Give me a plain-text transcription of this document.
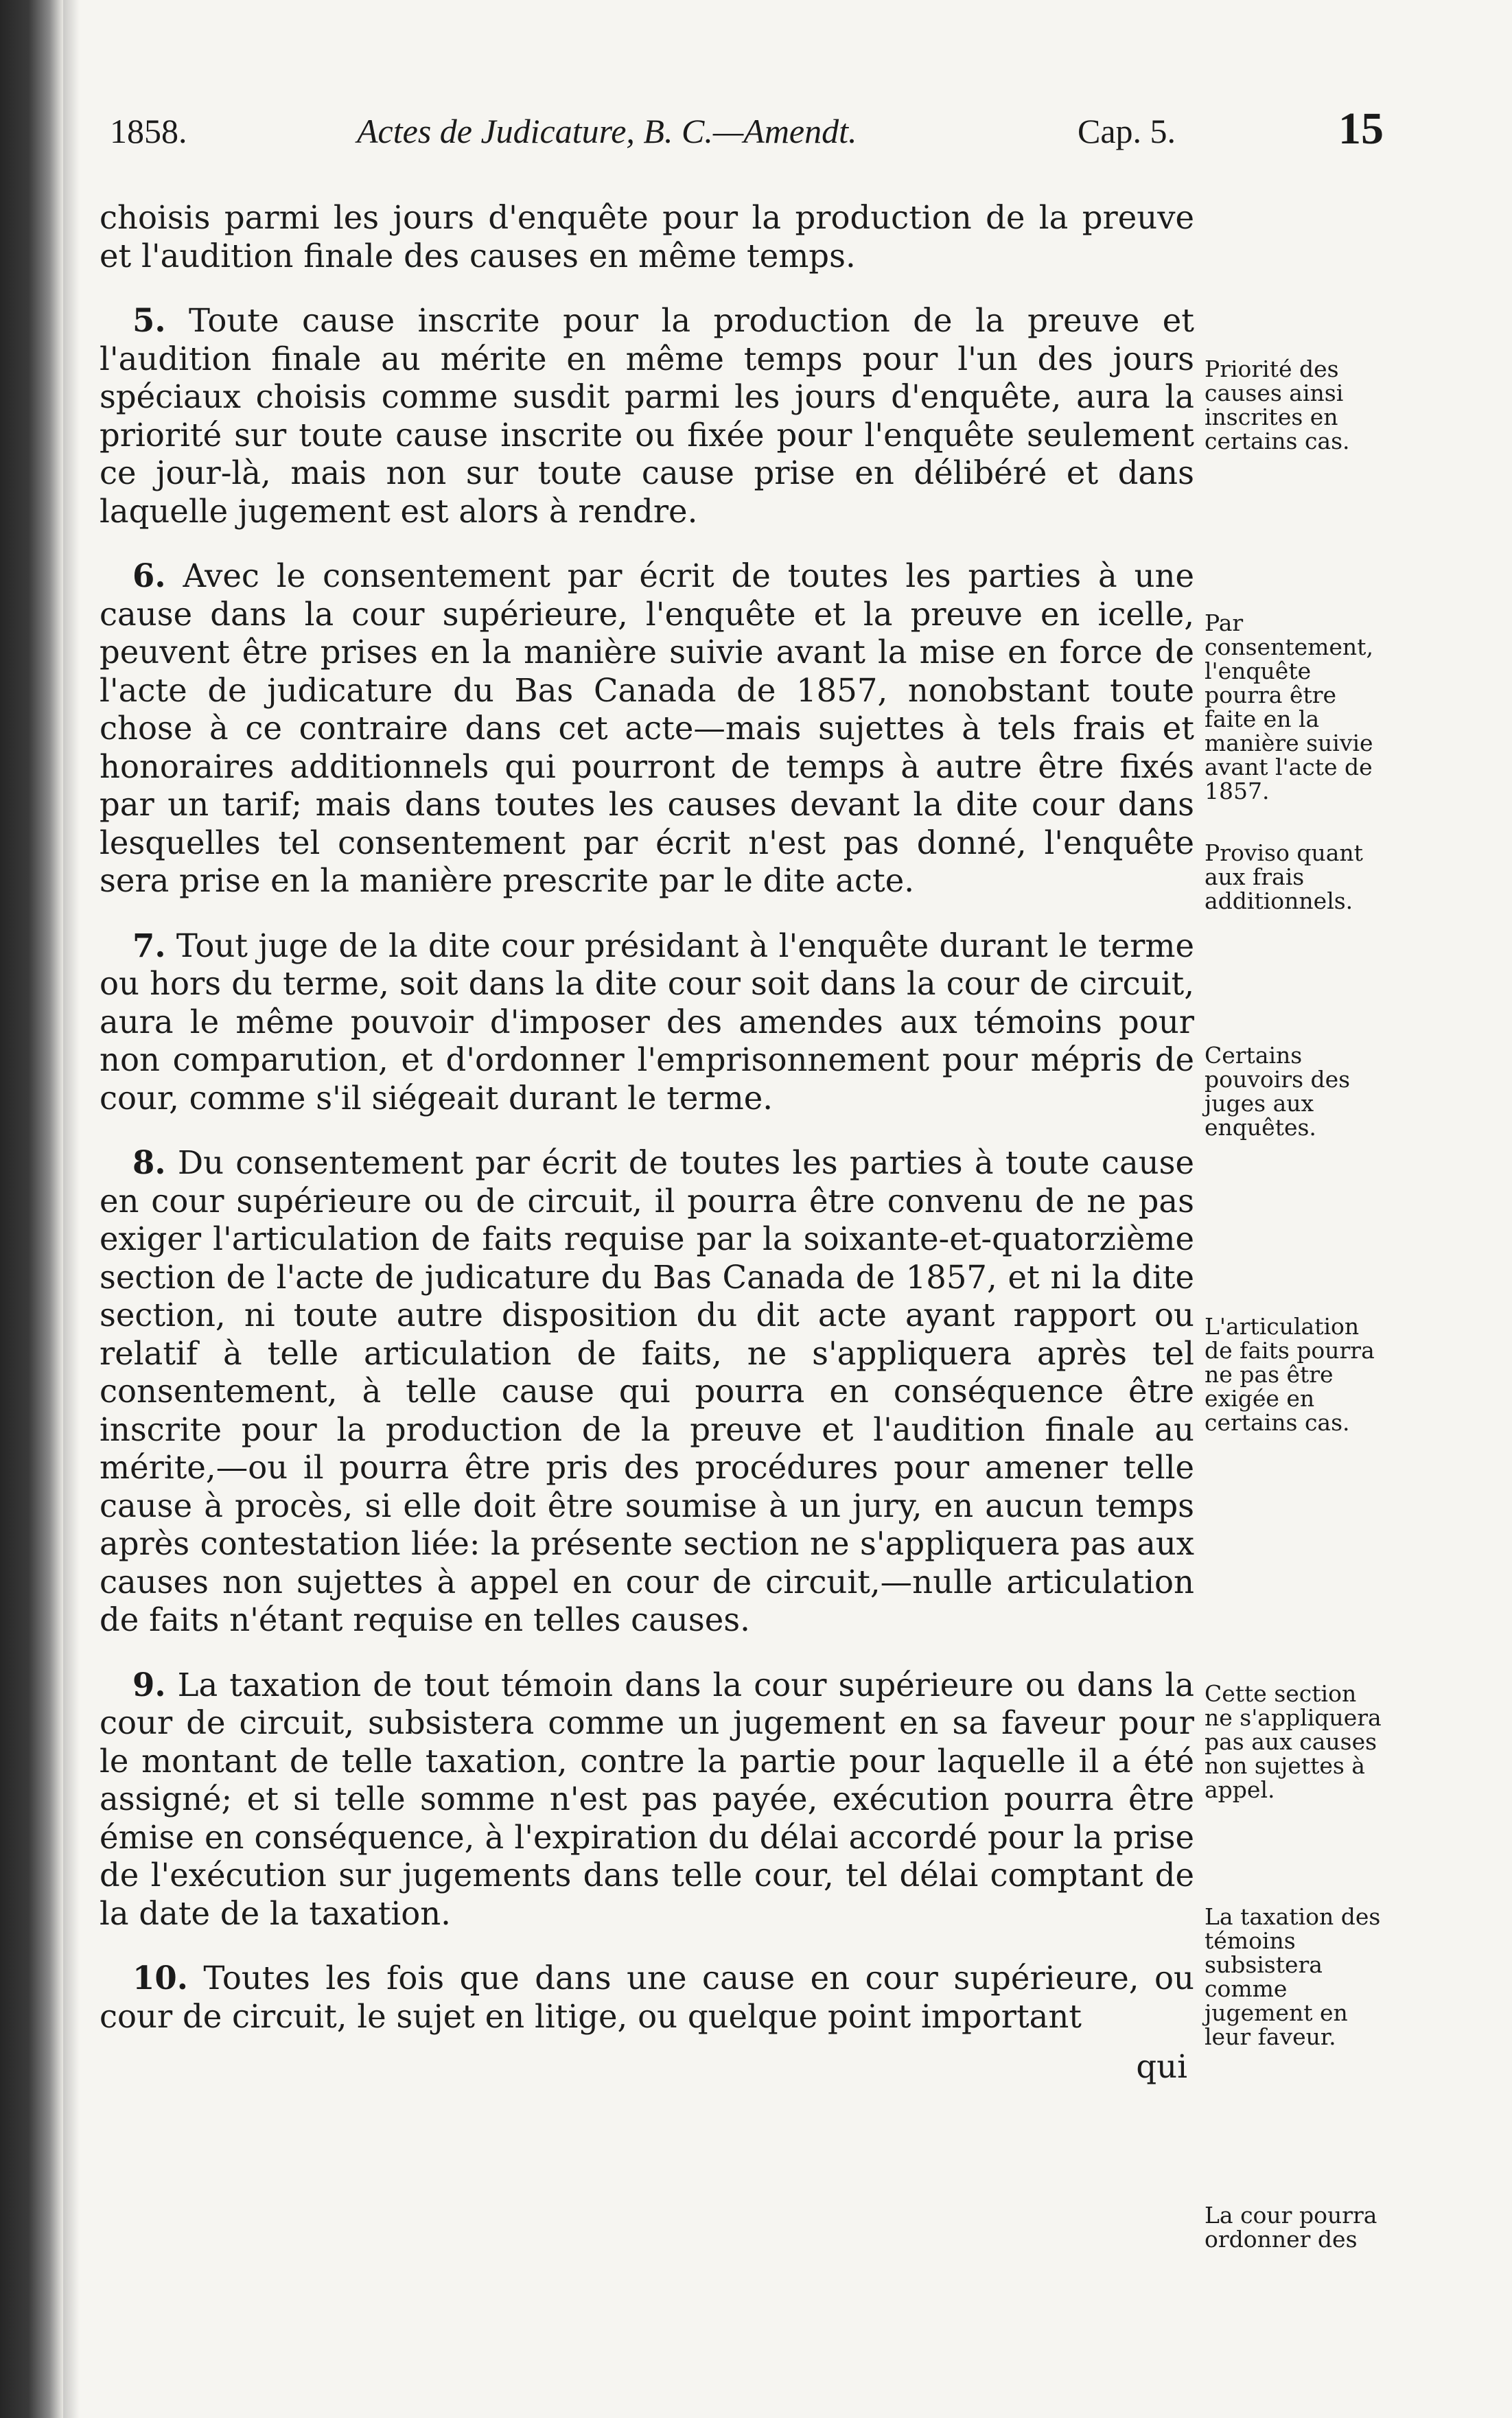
1858.	Actes de Judicature, B. C.—Amendt.	Cap. 5.	15

choisis parmi les jours d'enquête pour la production de la preuve et l'audition finale des causes en même temps.

5. Toute cause inscrite pour la production de la preuve et l'audition finale au mérite en même temps pour l'un des jours spéciaux choisis comme susdit parmi les jours d'enquête, aura la priorité sur toute cause inscrite ou fixée pour l'enquête seulement ce jour-là, mais non sur toute cause prise en délibéré et dans laquelle jugement est alors à rendre.

6. Avec le consentement par écrit de toutes les parties à une cause dans la cour supérieure, l'enquête et la preuve en icelle, peuvent être prises en la manière suivie avant la mise en force de l'acte de judicature du Bas Canada de 1857, nonobstant toute chose à ce contraire dans cet acte—mais sujettes à tels frais et honoraires additionnels qui pourront de temps à autre être fixés par un tarif; mais dans toutes les causes devant la dite cour dans lesquelles tel consentement par écrit n'est pas donné, l'enquête sera prise en la manière prescrite par le dite acte.

7. Tout juge de la dite cour présidant à l'enquête durant le terme ou hors du terme, soit dans la dite cour soit dans la cour de circuit, aura le même pouvoir d'imposer des amendes aux témoins pour non comparution, et d'ordonner l'emprisonnement pour mépris de cour, comme s'il siégeait durant le terme.

8. Du consentement par écrit de toutes les parties à toute cause en cour supérieure ou de circuit, il pourra être convenu de ne pas exiger l'articulation de faits requise par la soixante-et-quatorzième section de l'acte de judicature du Bas Canada de 1857, et ni la dite section, ni toute autre disposition du dit acte ayant rapport ou relatif à telle articulation de faits, ne s'appliquera après tel consentement, à telle cause qui pourra en conséquence être inscrite pour la production de la preuve et l'audition finale au mérite,—ou il pourra être pris des procédures pour amener telle cause à procès, si elle doit être soumise à un jury, en aucun temps après contestation liée: la présente section ne s'appliquera pas aux causes non sujettes à appel en cour de circuit,—nulle articulation de faits n'étant requise en telles causes.

9. La taxation de tout témoin dans la cour supérieure ou dans la cour de circuit, subsistera comme un jugement en sa faveur pour le montant de telle taxation, contre la partie pour laquelle il a été assigné; et si telle somme n'est pas payée, exécution pourra être émise en conséquence, à l'expiration du délai accordé pour la prise de l'exécution sur jugements dans telle cour, tel délai comptant de la date de la taxation.

10. Toutes les fois que dans une cause en cour supérieure, ou cour de circuit, le sujet en litige, ou quelque point important

qui
Priorité des causes ainsi inscrites en certains cas.
Par consentement, l'enquête pourra être faite en la manière suivie avant l'acte de 1857.
Proviso quant aux frais additionnels.
Certains pouvoirs des juges aux enquêtes.
L'articulation de faits pourra ne pas être exigée en certains cas.
Cette section ne s'appliquera pas aux causes non sujettes à appel.
La taxation des témoins subsistera comme jugement en leur faveur.
La cour pourra ordonner des
